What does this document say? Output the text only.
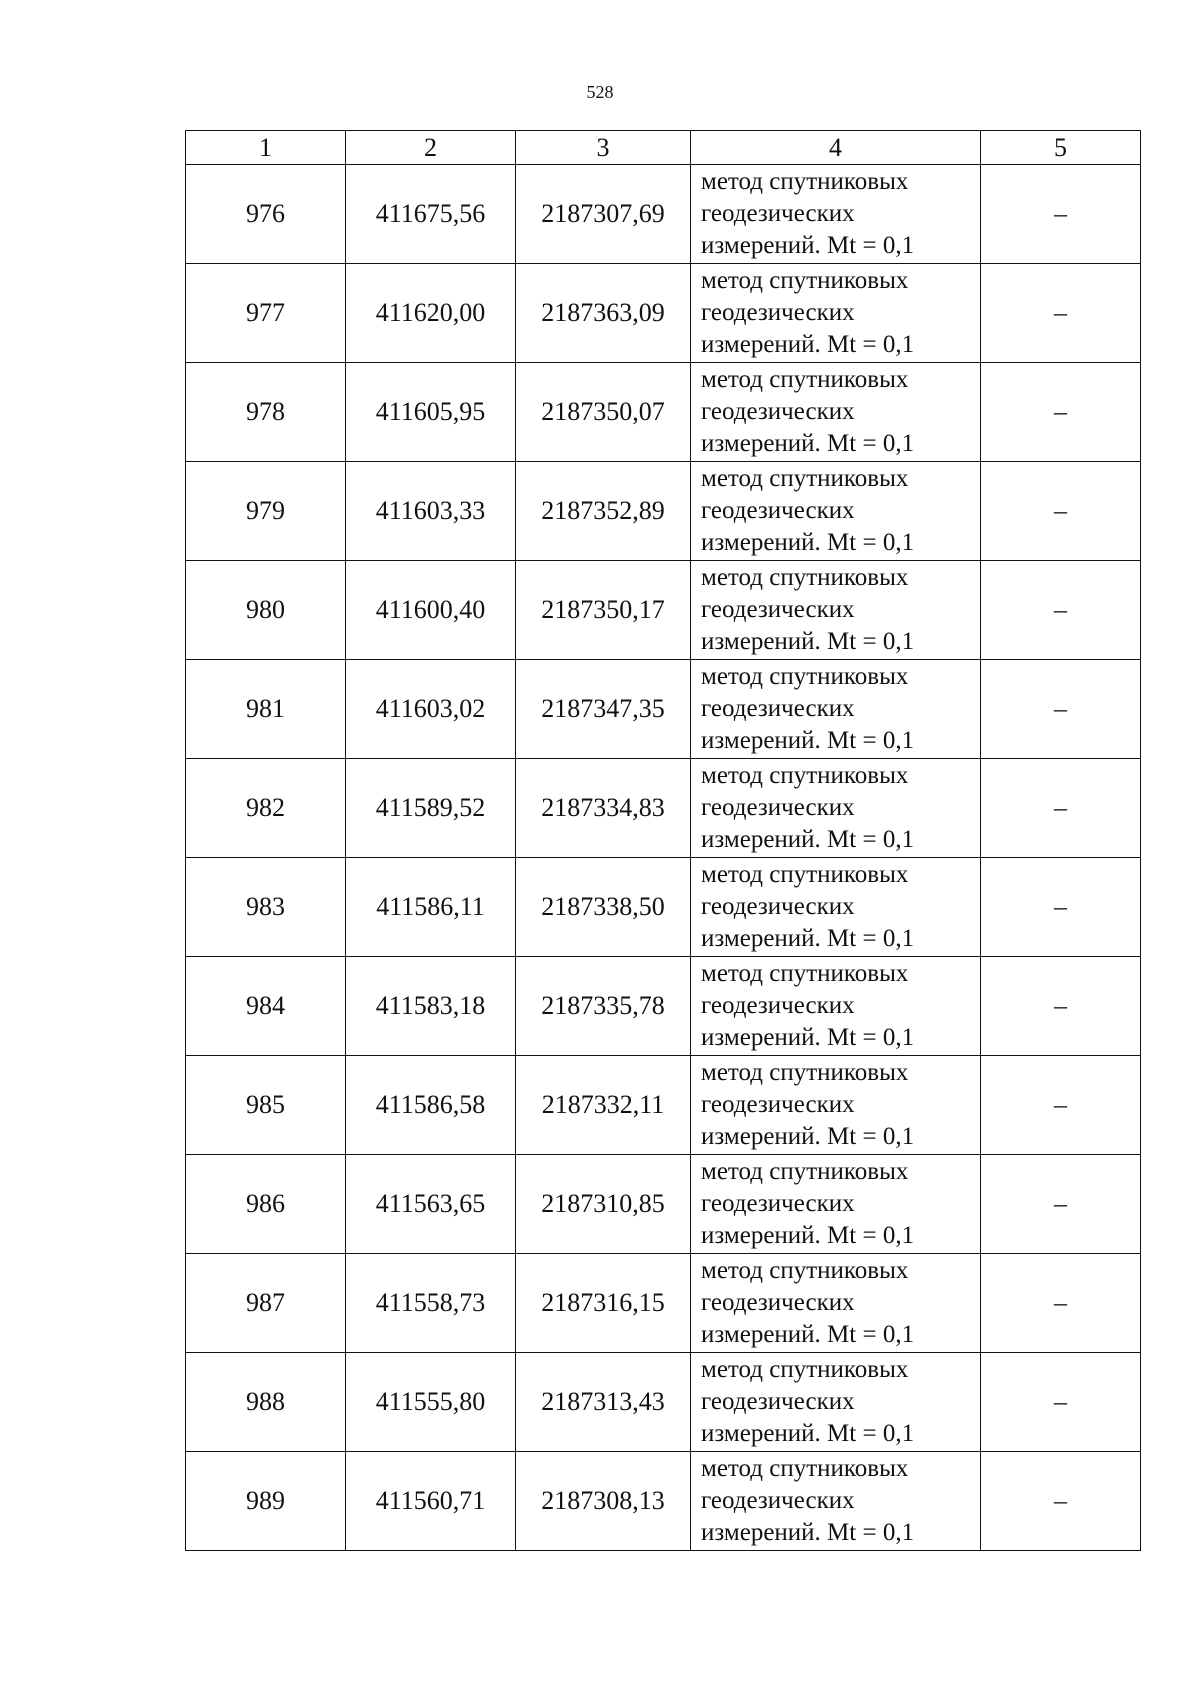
528
1	2	3	4	5
976	411675,56	2187307,69	метод спутниковых
геодезических
измерений. Mt = 0,1	–
977	411620,00	2187363,09	метод спутниковых
геодезических
измерений. Mt = 0,1	–
978	411605,95	2187350,07	метод спутниковых
геодезических
измерений. Mt = 0,1	–
979	411603,33	2187352,89	метод спутниковых
геодезических
измерений. Mt = 0,1	–
980	411600,40	2187350,17	метод спутниковых
геодезических
измерений. Mt = 0,1	–
981	411603,02	2187347,35	метод спутниковых
геодезических
измерений. Mt = 0,1	–
982	411589,52	2187334,83	метод спутниковых
геодезических
измерений. Mt = 0,1	–
983	411586,11	2187338,50	метод спутниковых
геодезических
измерений. Mt = 0,1	–
984	411583,18	2187335,78	метод спутниковых
геодезических
измерений. Mt = 0,1	–
985	411586,58	2187332,11	метод спутниковых
геодезических
измерений. Mt = 0,1	–
986	411563,65	2187310,85	метод спутниковых
геодезических
измерений. Mt = 0,1	–
987	411558,73	2187316,15	метод спутниковых
геодезических
измерений. Mt = 0,1	–
988	411555,80	2187313,43	метод спутниковых
геодезических
измерений. Mt = 0,1	–
989	411560,71	2187308,13	метод спутниковых
геодезических
измерений. Mt = 0,1	–
